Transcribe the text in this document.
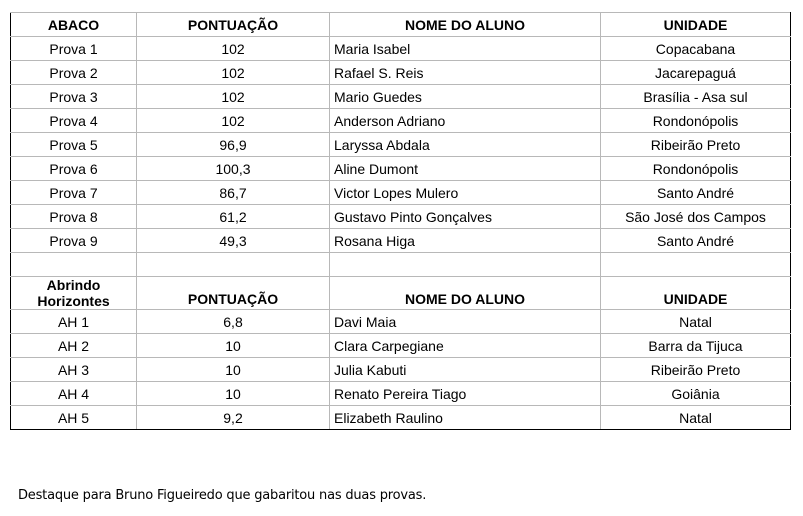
ABACO	PONTUAÇÃO	NOME DO ALUNO	UNIDADE
Prova 1	102	Maria Isabel	Copacabana
Prova 2	102	Rafael S. Reis	Jacarepaguá
Prova 3	102	Mario Guedes	Brasília - Asa sul
Prova 4	102	Anderson Adriano	Rondonópolis
Prova 5	96,9	Laryssa Abdala	Ribeirão Preto
Prova 6	100,3	Aline Dumont	Rondonópolis
Prova 7	86,7	Victor Lopes Mulero	Santo André
Prova 8	61,2	Gustavo Pinto Gonçalves	São José dos Campos
Prova 9	49,3	Rosana Higa	Santo André

Abrindo
Horizontes	PONTUAÇÃO	NOME DO ALUNO	UNIDADE
AH 1	6,8	Davi Maia	Natal
AH 2	10	Clara Carpegiane	Barra da Tijuca
AH 3	10	Julia Kabuti	Ribeirão Preto
AH 4	10	Renato Pereira Tiago	Goiânia
AH 5	9,2	Elizabeth Raulino	Natal
Destaque para Bruno Figueiredo que gabaritou nas duas provas.
